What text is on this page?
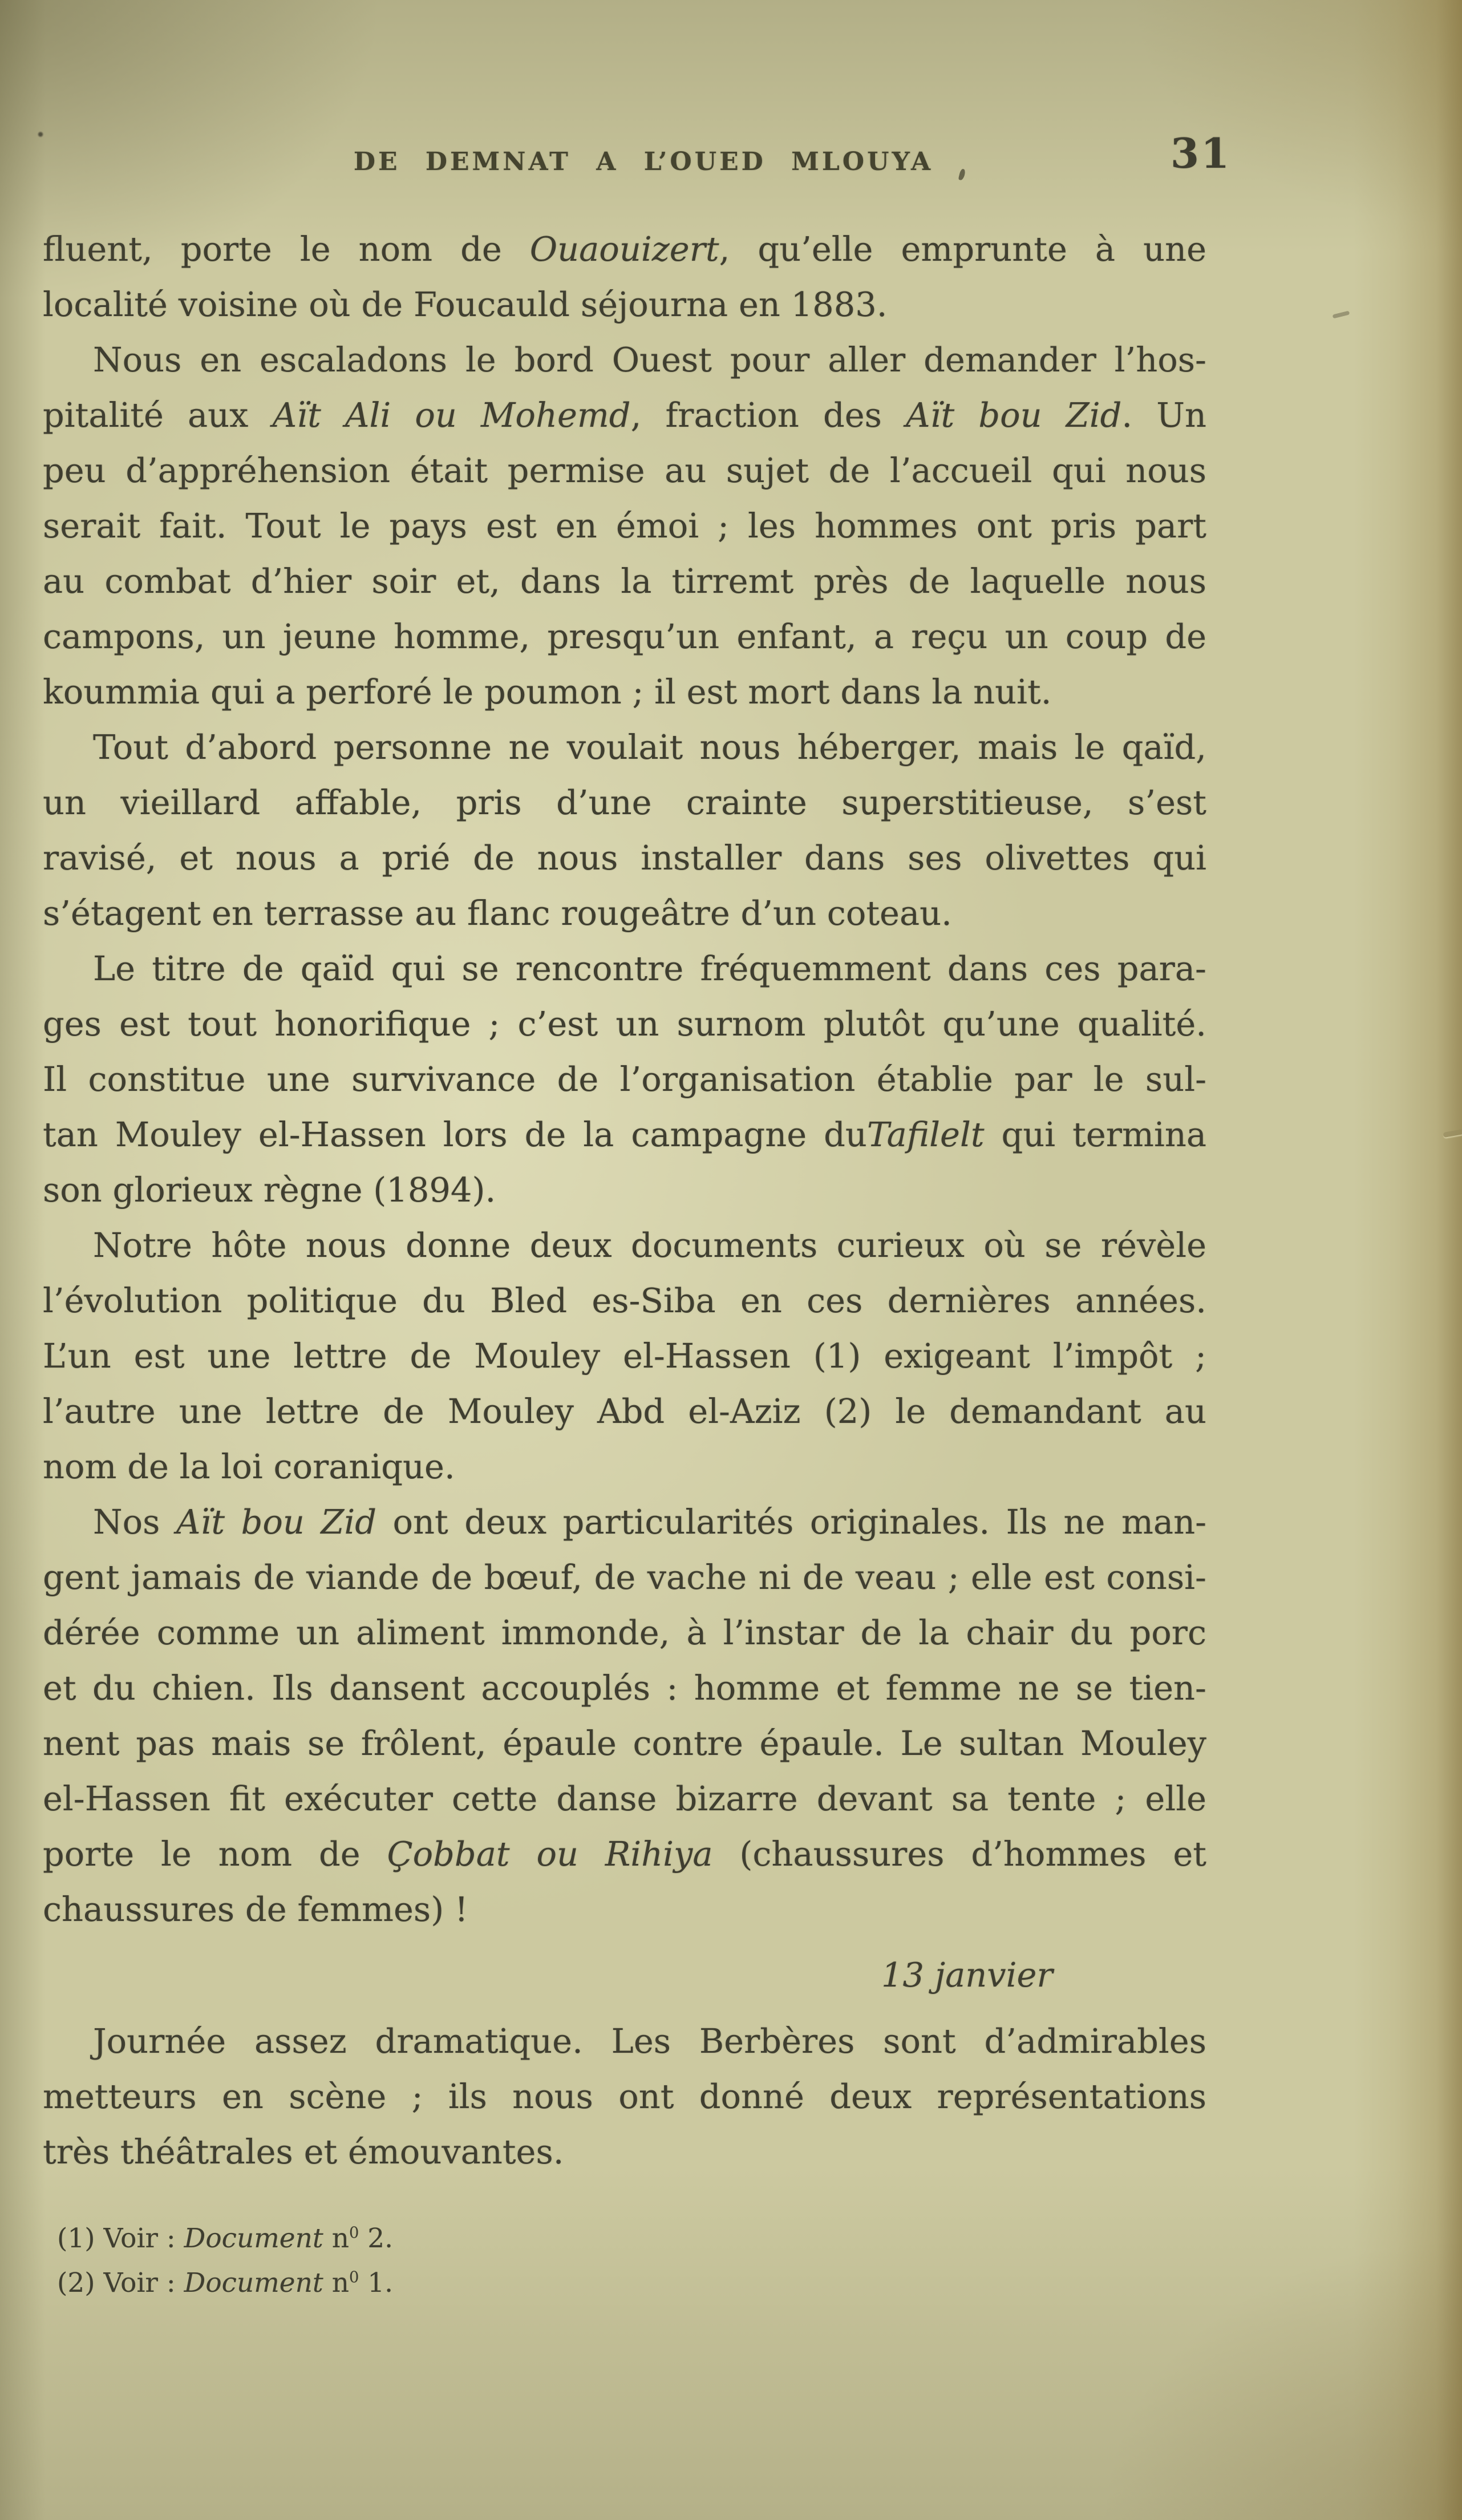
DE DEMNAT A L’OUED MLOUYA	31
fluent, porte le nom de Ouaouizert, qu’elle emprunte à une
localité voisine où de Foucauld séjourna en 1883.
Nous en escaladons le bord Ouest pour aller demander l’hos-
pitalité aux Aït Ali ou Mohemd, fraction des Aït bou Zid. Un
peu d’appréhension était permise au sujet de l’accueil qui nous
serait fait. Tout le pays est en émoi ; les hommes ont pris part
au combat d’hier soir et, dans la tirremt près de laquelle nous
campons, un jeune homme, presqu’un enfant, a reçu un coup de
koummia qui a perforé le poumon ; il est mort dans la nuit.
Tout d’abord personne ne voulait nous héberger, mais le qaïd,
un vieillard affable, pris d’une crainte superstitieuse, s’est
ravisé, et nous a prié de nous installer dans ses olivettes qui
s’étagent en terrasse au flanc rougeâtre d’un coteau.
Le titre de qaïd qui se rencontre fréquemment dans ces para-
ges est tout honorifique ; c’est un surnom plutôt qu’une qualité.
Il constitue une survivance de l’organisation établie par le sul-
tan Mouley el-Hassen lors de la campagne duTafilelt qui termina
son glorieux règne (1894).
Notre hôte nous donne deux documents curieux où se révèle
l’évolution politique du Bled es-Siba en ces dernières années.
L’un est une lettre de Mouley el-Hassen (1) exigeant l’impôt ;
l’autre une lettre de Mouley Abd el-Aziz (2) le demandant au
nom de la loi coranique.
Nos Aït bou Zid ont deux particularités originales. Ils ne man-
gent jamais de viande de bœuf, de vache ni de veau ; elle est consi-
dérée comme un aliment immonde, à l’instar de la chair du porc
et du chien. Ils dansent accouplés : homme et femme ne se tien-
nent pas mais se frôlent, épaule contre épaule. Le sultan Mouley
el-Hassen fit exécuter cette danse bizarre devant sa tente ; elle
porte le nom de Çobbat ou Rihiya (chaussures d’hommes et
chaussures de femmes) !
13 janvier
Journée assez dramatique. Les Berbères sont d’admirables
metteurs en scène ; ils nous ont donné deux représentations
très théâtrales et émouvantes.
(1) Voir : Document $n^0$ 2.
(2) Voir : Document $n^0$ 1.
